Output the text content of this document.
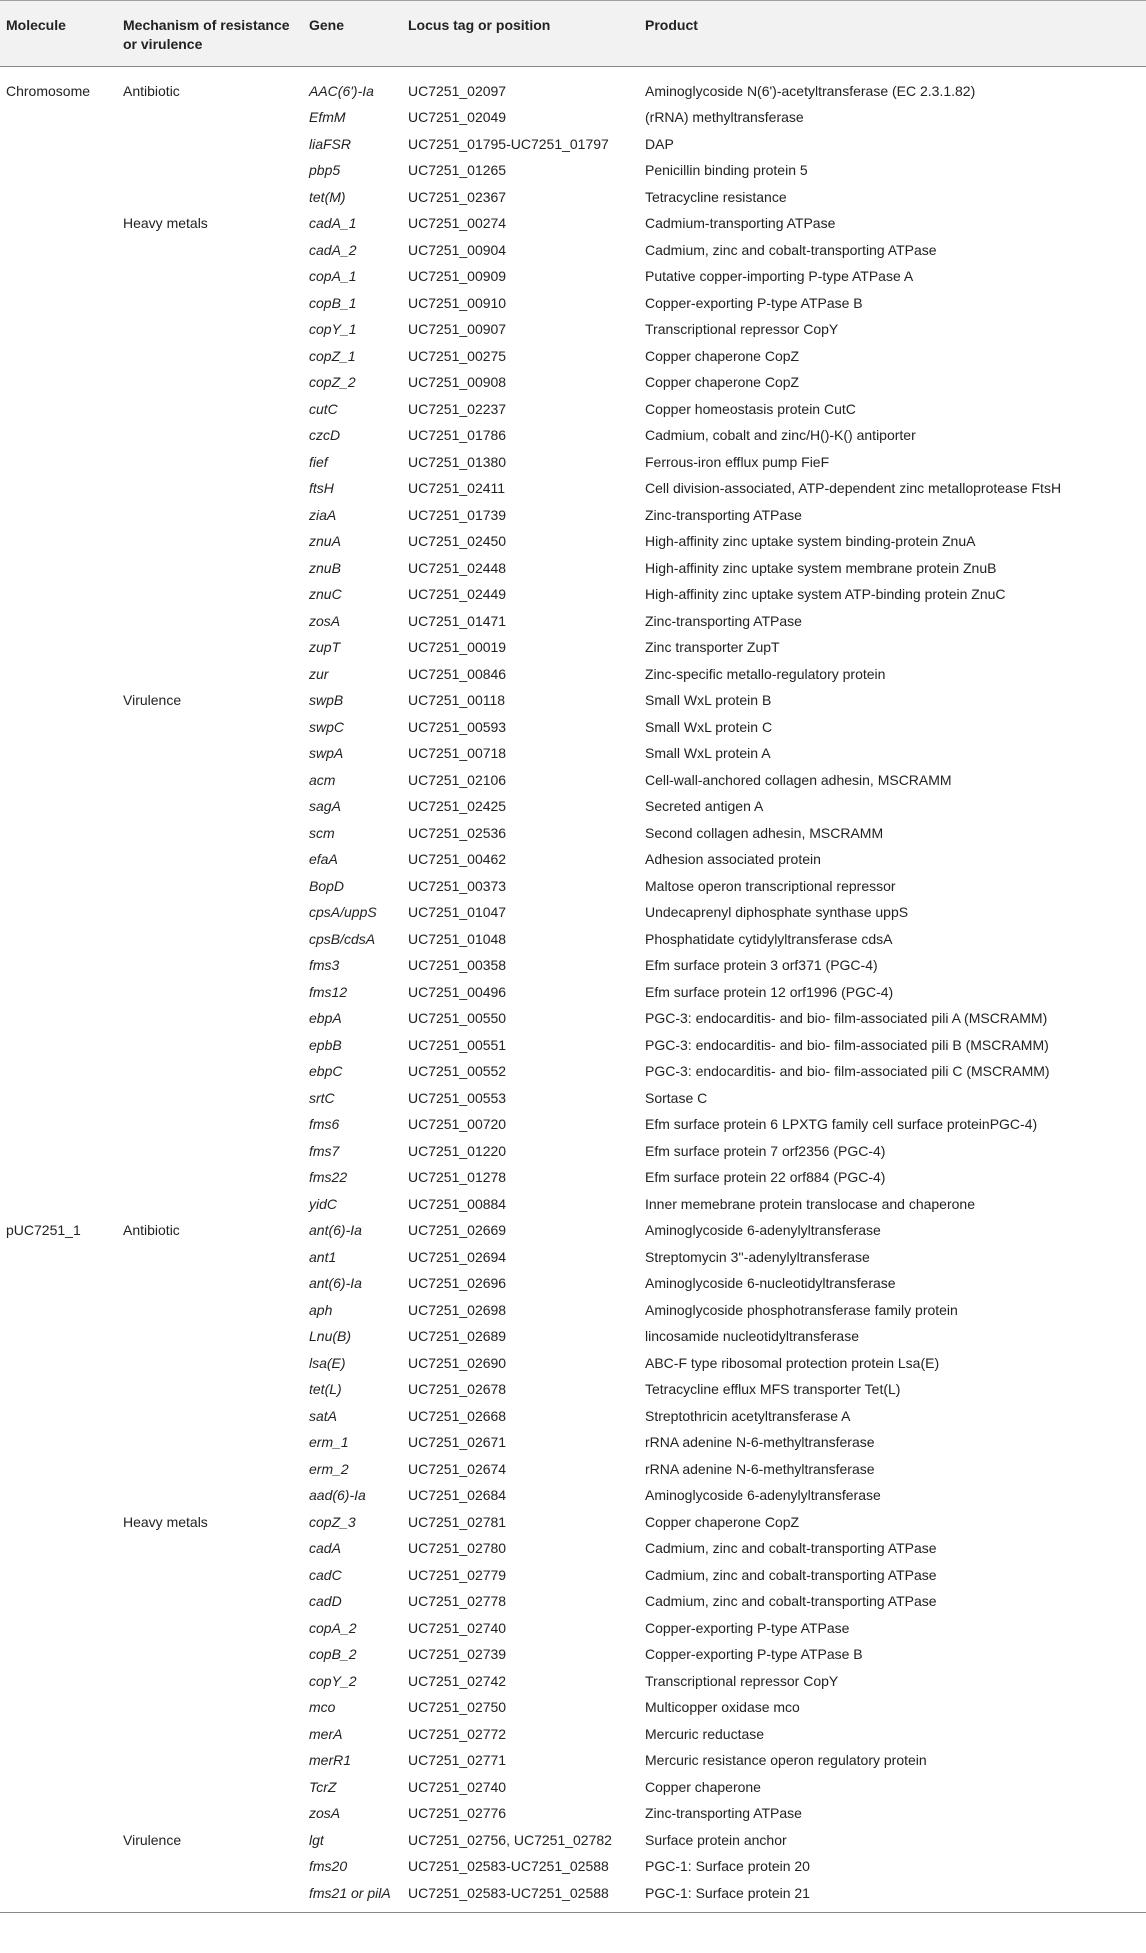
Molecule	Mechanism of resistance or virulence	Gene	Locus tag or position	Product
Chromosome	Antibiotic	AAC(6')-Ia	UC7251_02097	Aminoglycoside N(6')-acetyltransferase (EC 2.3.1.82)
		EfmM	UC7251_02049	(rRNA) methyltransferase
		liaFSR	UC7251_01795-UC7251_01797	DAP
		pbp5	UC7251_01265	Penicillin binding protein 5
		tet(M)	UC7251_02367	Tetracycline resistance
	Heavy metals	cadA_1	UC7251_00274	Cadmium-transporting ATPase
		cadA_2	UC7251_00904	Cadmium, zinc and cobalt-transporting ATPase
		copA_1	UC7251_00909	Putative copper-importing P-type ATPase A
		copB_1	UC7251_00910	Copper-exporting P-type ATPase B
		copY_1	UC7251_00907	Transcriptional repressor CopY
		copZ_1	UC7251_00275	Copper chaperone CopZ
		copZ_2	UC7251_00908	Copper chaperone CopZ
		cutC	UC7251_02237	Copper homeostasis protein CutC
		czcD	UC7251_01786	Cadmium, cobalt and zinc/H()-K() antiporter
		fief	UC7251_01380	Ferrous-iron efflux pump FieF
		ftsH	UC7251_02411	Cell division-associated, ATP-dependent zinc metalloprotease FtsH
		ziaA	UC7251_01739	Zinc-transporting ATPase
		znuA	UC7251_02450	High-affinity zinc uptake system binding-protein ZnuA
		znuB	UC7251_02448	High-affinity zinc uptake system membrane protein ZnuB
		znuC	UC7251_02449	High-affinity zinc uptake system ATP-binding protein ZnuC
		zosA	UC7251_01471	Zinc-transporting ATPase
		zupT	UC7251_00019	Zinc transporter ZupT
		zur	UC7251_00846	Zinc-specific metallo-regulatory protein
	Virulence	swpB	UC7251_00118	Small WxL protein B
		swpC	UC7251_00593	Small WxL protein C
		swpA	UC7251_00718	Small WxL protein A
		acm	UC7251_02106	Cell-wall-anchored collagen adhesin, MSCRAMM
		sagA	UC7251_02425	Secreted antigen A
		scm	UC7251_02536	Second collagen adhesin, MSCRAMM
		efaA	UC7251_00462	Adhesion associated protein
		BopD	UC7251_00373	Maltose operon transcriptional repressor
		cpsA/uppS	UC7251_01047	Undecaprenyl diphosphate synthase uppS
		cpsB/cdsA	UC7251_01048	Phosphatidate cytidylyltransferase cdsA
		fms3	UC7251_00358	Efm surface protein 3 orf371 (PGC-4)
		fms12	UC7251_00496	Efm surface protein 12 orf1996 (PGC-4)
		ebpA	UC7251_00550	PGC-3: endocarditis- and bio- film-associated pili A (MSCRAMM)
		epbB	UC7251_00551	PGC-3: endocarditis- and bio- film-associated pili B (MSCRAMM)
		ebpC	UC7251_00552	PGC-3: endocarditis- and bio- film-associated pili C (MSCRAMM)
		srtC	UC7251_00553	Sortase C
		fms6	UC7251_00720	Efm surface protein 6 LPXTG family cell surface proteinPGC-4)
		fms7	UC7251_01220	Efm surface protein 7 orf2356 (PGC-4)
		fms22	UC7251_01278	Efm surface protein 22 orf884 (PGC-4)
		yidC	UC7251_00884	Inner memebrane protein translocase and chaperone
pUC7251_1	Antibiotic	ant(6)-Ia	UC7251_02669	Aminoglycoside 6-adenylyltransferase
		ant1	UC7251_02694	Streptomycin 3''-adenylyltransferase
		ant(6)-Ia	UC7251_02696	Aminoglycoside 6-nucleotidyltransferase
		aph	UC7251_02698	Aminoglycoside phosphotransferase family protein
		Lnu(B)	UC7251_02689	lincosamide nucleotidyltransferase
		lsa(E)	UC7251_02690	ABC-F type ribosomal protection protein Lsa(E)
		tet(L)	UC7251_02678	Tetracycline efflux MFS transporter Tet(L)
		satA	UC7251_02668	Streptothricin acetyltransferase A
		erm_1	UC7251_02671	rRNA adenine N-6-methyltransferase
		erm_2	UC7251_02674	rRNA adenine N-6-methyltransferase
		aad(6)-Ia	UC7251_02684	Aminoglycoside 6-adenylyltransferase
	Heavy metals	copZ_3	UC7251_02781	Copper chaperone CopZ
		cadA	UC7251_02780	Cadmium, zinc and cobalt-transporting ATPase
		cadC	UC7251_02779	Cadmium, zinc and cobalt-transporting ATPase
		cadD	UC7251_02778	Cadmium, zinc and cobalt-transporting ATPase
		copA_2	UC7251_02740	Copper-exporting P-type ATPase
		copB_2	UC7251_02739	Copper-exporting P-type ATPase B
		copY_2	UC7251_02742	Transcriptional repressor CopY
		mco	UC7251_02750	Multicopper oxidase mco
		merA	UC7251_02772	Mercuric reductase
		merR1	UC7251_02771	Mercuric resistance operon regulatory protein
		TcrZ	UC7251_02740	Copper chaperone
		zosA	UC7251_02776	Zinc-transporting ATPase
	Virulence	lgt	UC7251_02756, UC7251_02782	Surface protein anchor
		fms20	UC7251_02583-UC7251_02588	PGC-1: Surface protein 20
		fms21 or pilA	UC7251_02583-UC7251_02588	PGC-1: Surface protein 21
